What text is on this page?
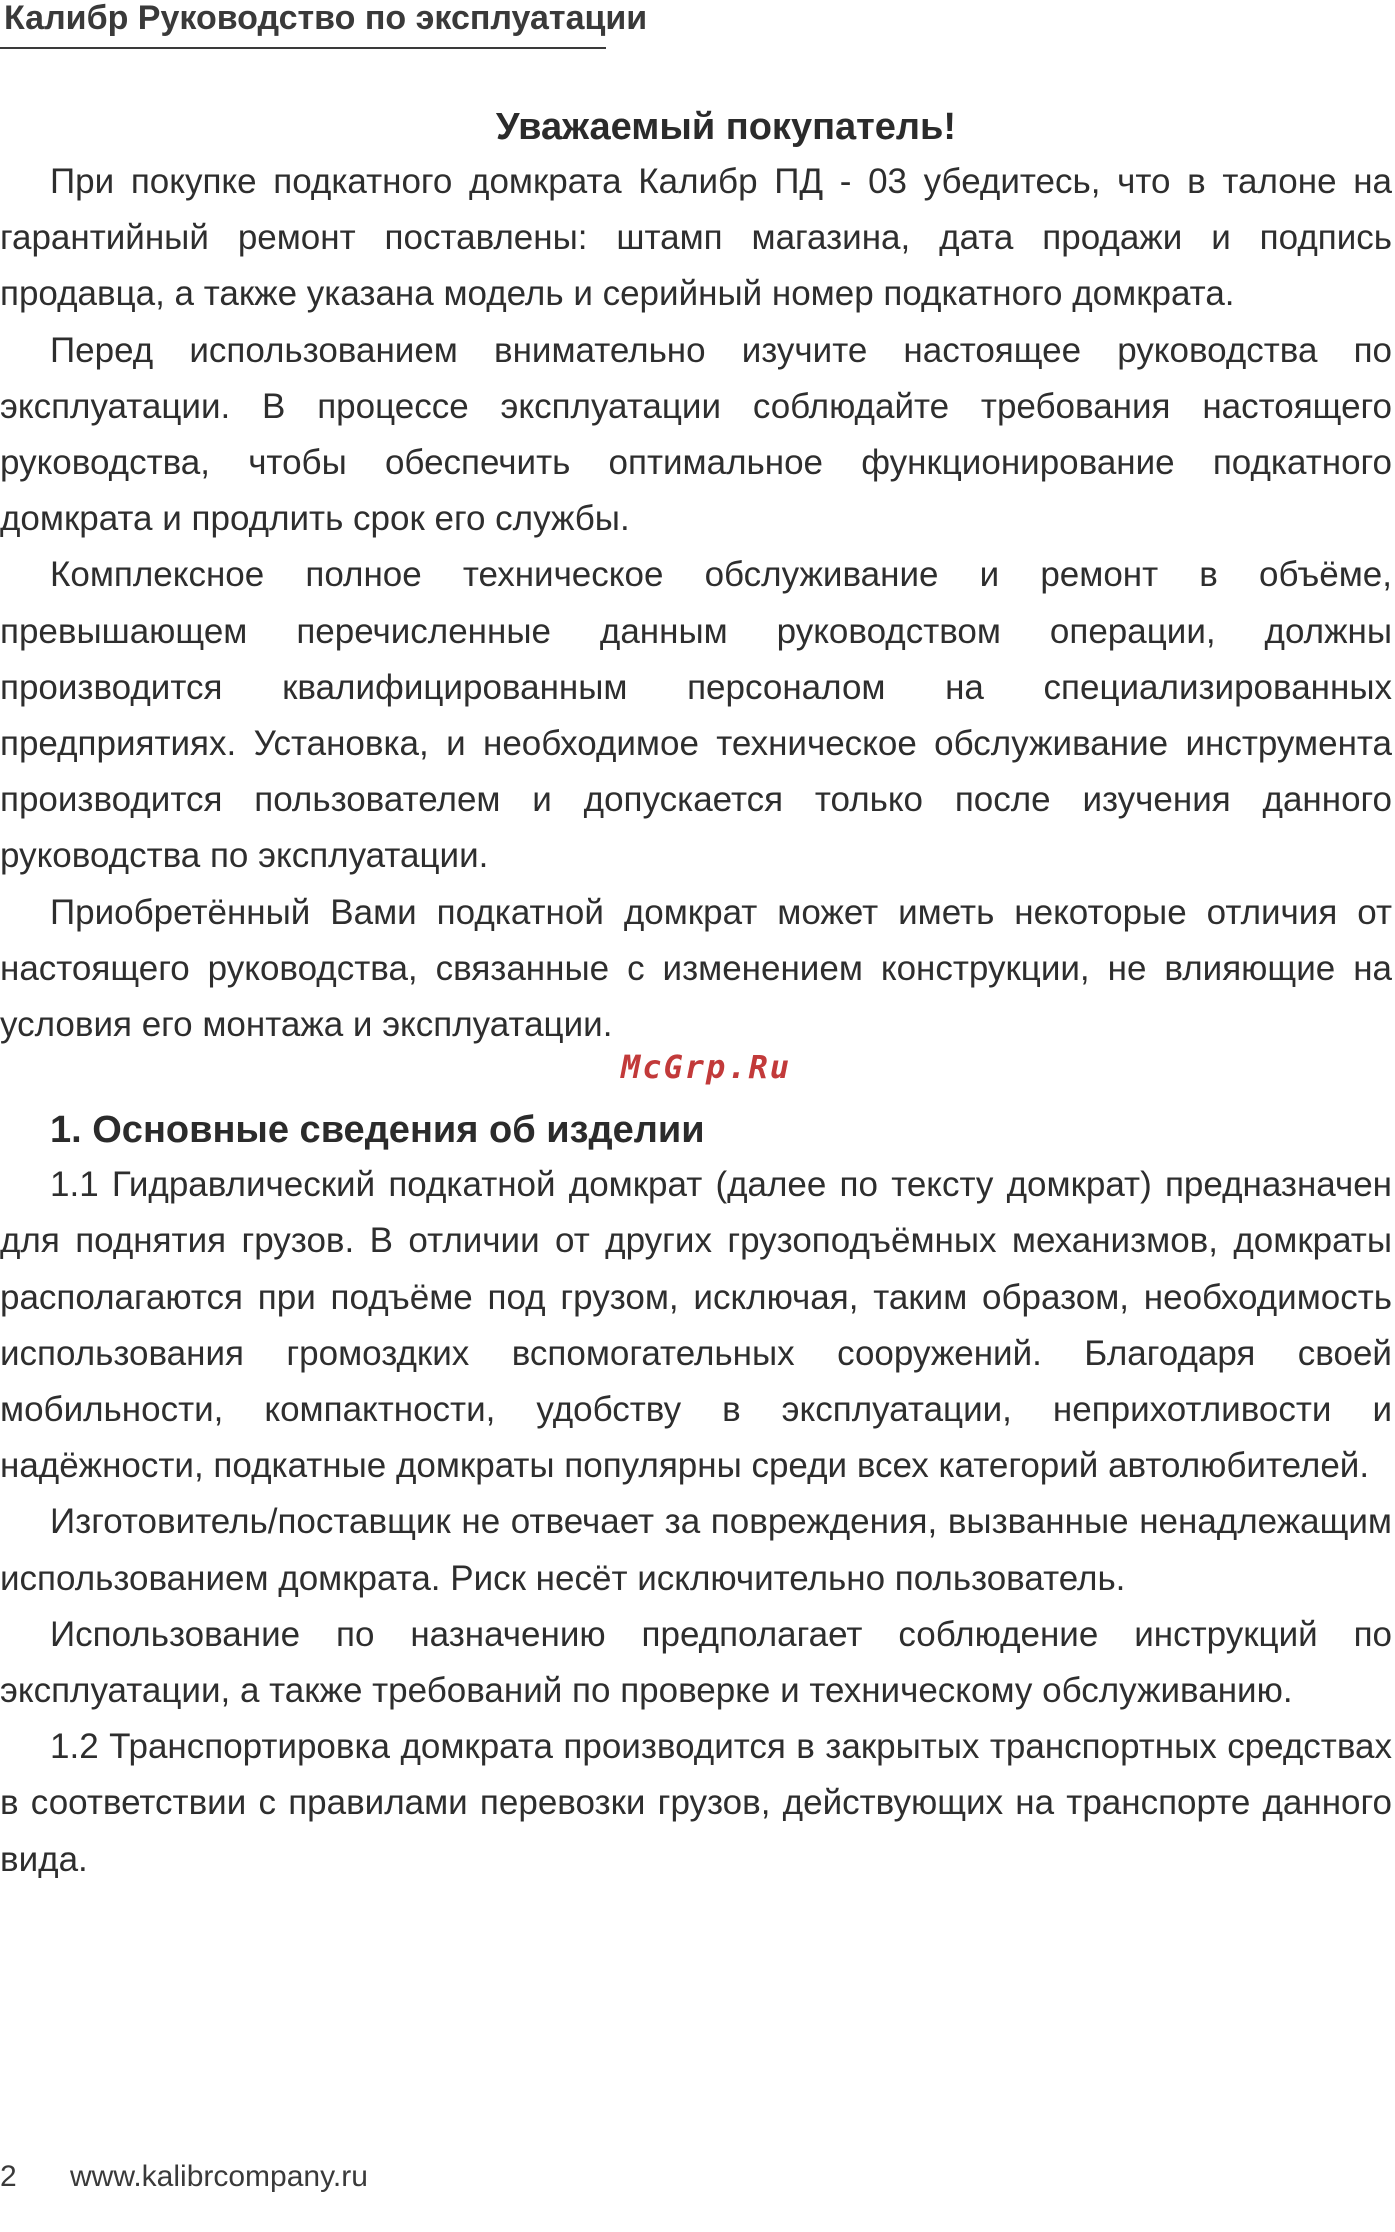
Калибр Руководство по эксплуатации
Уважаемый покупатель!

При покупке подкатного домкрата Калибр ПД - 03 убедитесь, что в талоне на гарантийный ремонт поставлены: штамп магазина, дата продажи и подпись продавца, а также указана модель и серийный номер подкатного домкрата.

Перед использованием внимательно изучите настоящее руководства по эксплуатации. В процессе эксплуатации соблюдайте требования настоящего руководства, чтобы обеспечить оптимальное функционирование подкатного домкрата и продлить срок его службы.

Комплексное полное техническое обслуживание и ремонт в объёме, превышающем перечисленные данным руководством операции, должны производится квалифицированным персоналом на специализированных предприятиях. Установка, и необходимое техническое обслуживание инструмента производится пользователем и допускается только после изучения данного руководства по эксплуатации.

Приобретённый Вами подкатной домкрат может иметь некоторые отличия от настоящего руководства, связанные с изменением конструкции, не влияющие на условия его монтажа и эксплуатации.

McGrp.Ru
1. Основные сведения об изделии

1.1 Гидравлический подкатной домкрат (далее по тексту домкрат) предназначен для поднятия грузов. В отличии от других грузоподъёмных механизмов, домкраты располагаются при подъёме под грузом, исключая, таким образом, необходимость использования громоздких вспомогательных сооружений. Благодаря своей мобильности, компактности, удобству в эксплуатации, неприхотливости и надёжности, подкатные домкраты популярны среди всех категорий автолюбителей.

Изготовитель/поставщик не отвечает за повреждения, вызванные ненадлежащим использованием домкрата. Риск несёт исключительно пользователь.

Использование по назначению предполагает соблюдение инструкций по эксплуатации, а также требований по проверке и техническому обслуживанию.

1.2 Транспортировка домкрата производится в закрытых транспортных средствах в соответствии с правилами перевозки грузов, действующих на транспорте данного вида.

2 www.kalibrcompany.ru
